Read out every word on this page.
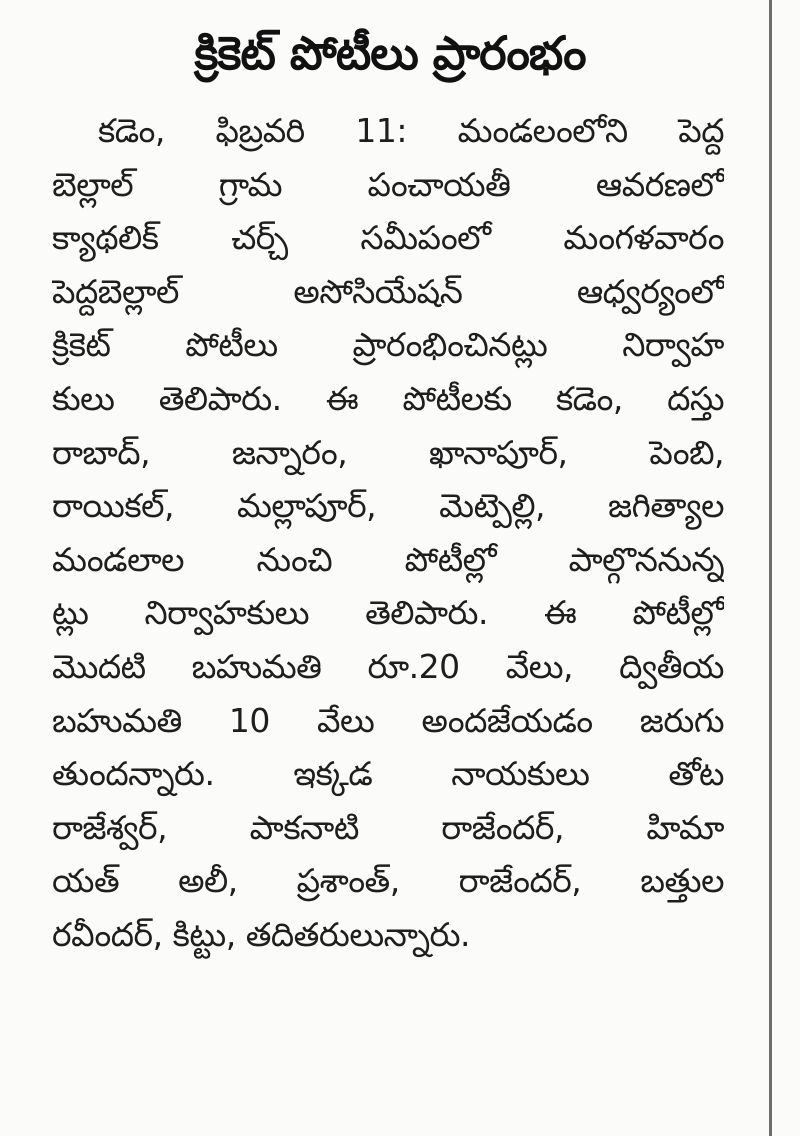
క్రికెట్ పోటీలు ప్రారంభం
కడెం, ఫిబ్రవరి 11: మండలంలోని పెద్ద
బెల్లాల్ గ్రామ పంచాయతీ ఆవరణలో
క్యాథలిక్ చర్చ్ సమీపంలో మంగళవారం
పెద్దబెల్లాల్ అసోసియేషన్ ఆధ్వర్యంలో
క్రికెట్ పోటీలు ప్రారంభించినట్లు నిర్వాహ
కులు తెలిపారు. ఈ పోటీలకు కడెం, దస్తు
రాబాద్, జన్నారం, ఖానాపూర్, పెంబి,
రాయికల్, మల్లాపూర్, మెట్పెల్లి, జగిత్యాల
మండలాల నుంచి పోటీల్లో పాల్గొననున్న
ట్లు నిర్వాహకులు తెలిపారు. ఈ పోటీల్లో
మొదటి బహుమతి రూ.20 వేలు, ద్వితీయ
బహుమతి 10 వేలు అందజేయడం జరుగు
తుందన్నారు. ఇక్కడ నాయకులు తోట
రాజేశ్వర్, పాకనాటి రాజేందర్, హిమా
యత్ అలీ, ప్రశాంత్, రాజేందర్, బత్తుల
రవీందర్, కిట్టు, తదితరులున్నారు.
